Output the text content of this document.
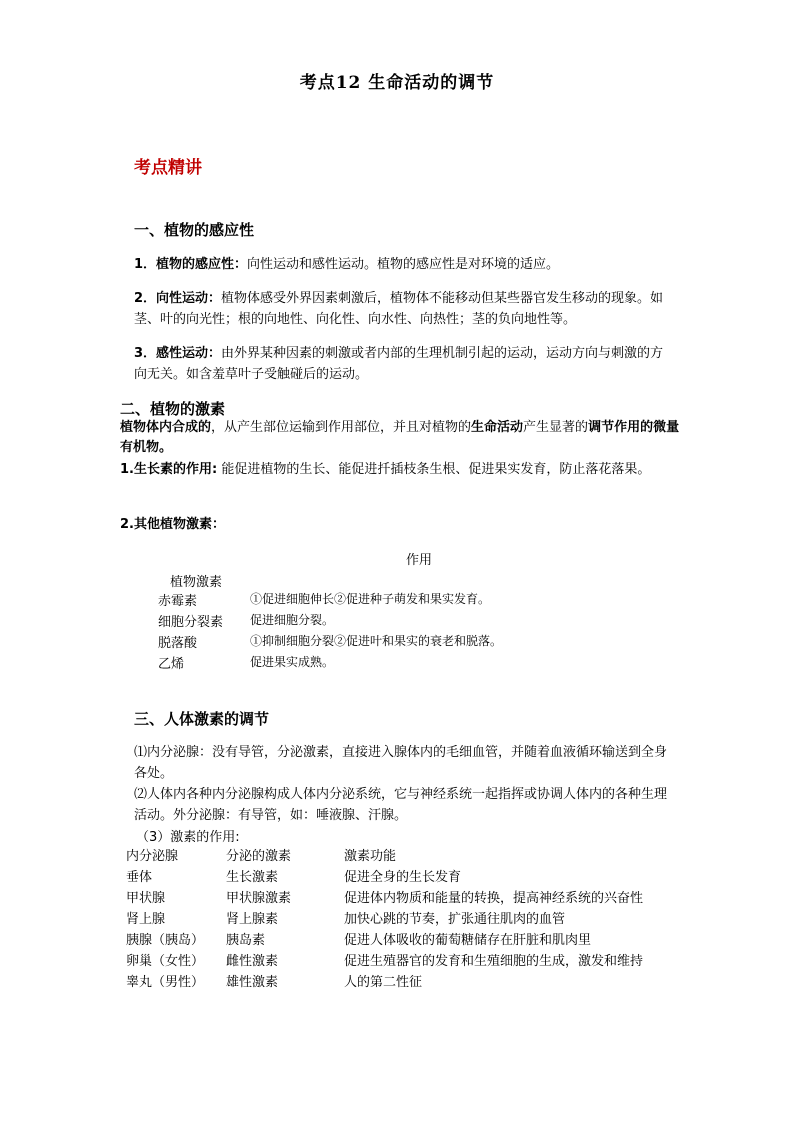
考点12 生命活动的调节
考点精讲
一、植物的感应性
1．植物的感应性：向性运动和感性运动。植物的感应性是对环境的适应。
2．向性运动：植物体感受外界因素刺激后，植物体不能移动但某些器官发生移动的现象。如茎、叶的向光性；根的向地性、向化性、向水性、向热性；茎的负向地性等。
3．感性运动：由外界某种因素的刺激或者内部的生理机制引起的运动，运动方向与刺激的方向无关。如含羞草叶子受触碰后的运动。
二、植物的激素
植物体内合成的，从产生部位运输到作用部位，并且对植物的生命活动产生显著的调节作用的微量有机物。
1.生长素的作用: 能促进植物的生长、能促进扦插枝条生根、促进果实发育，防止落花落果。
2.其他植物激素：
作用
植物激素
赤霉素	①促进细胞伸长②促进种子萌发和果实发育。
细胞分裂素	促进细胞分裂。
脱落酸	①抑制细胞分裂②促进叶和果实的衰老和脱落。
乙烯	促进果实成熟。
三、人体激素的调节
⑴内分泌腺：没有导管，分泌激素，直接进入腺体内的毛细血管，并随着血液循环输送到全身各处。
⑵人体内各种内分泌腺构成人体内分泌系统，它与神经系统一起指挥或协调人体内的各种生理活动。外分泌腺：有导管，如：唾液腺、汗腺。
（3）激素的作用:
内分泌腺	分泌的激素	激素功能
垂体	生长激素	促进全身的生长发育
甲状腺	甲状腺激素	促进体内物质和能量的转换，提高神经系统的兴奋性
肾上腺	肾上腺素	加快心跳的节奏，扩张通往肌肉的血管
胰腺（胰岛）	胰岛素	促进人体吸收的葡萄糖储存在肝脏和肌肉里
卵巢（女性）	雌性激素	促进生殖器官的发育和生殖细胞的生成，激发和维持
睾丸（男性）	雄性激素	人的第二性征
